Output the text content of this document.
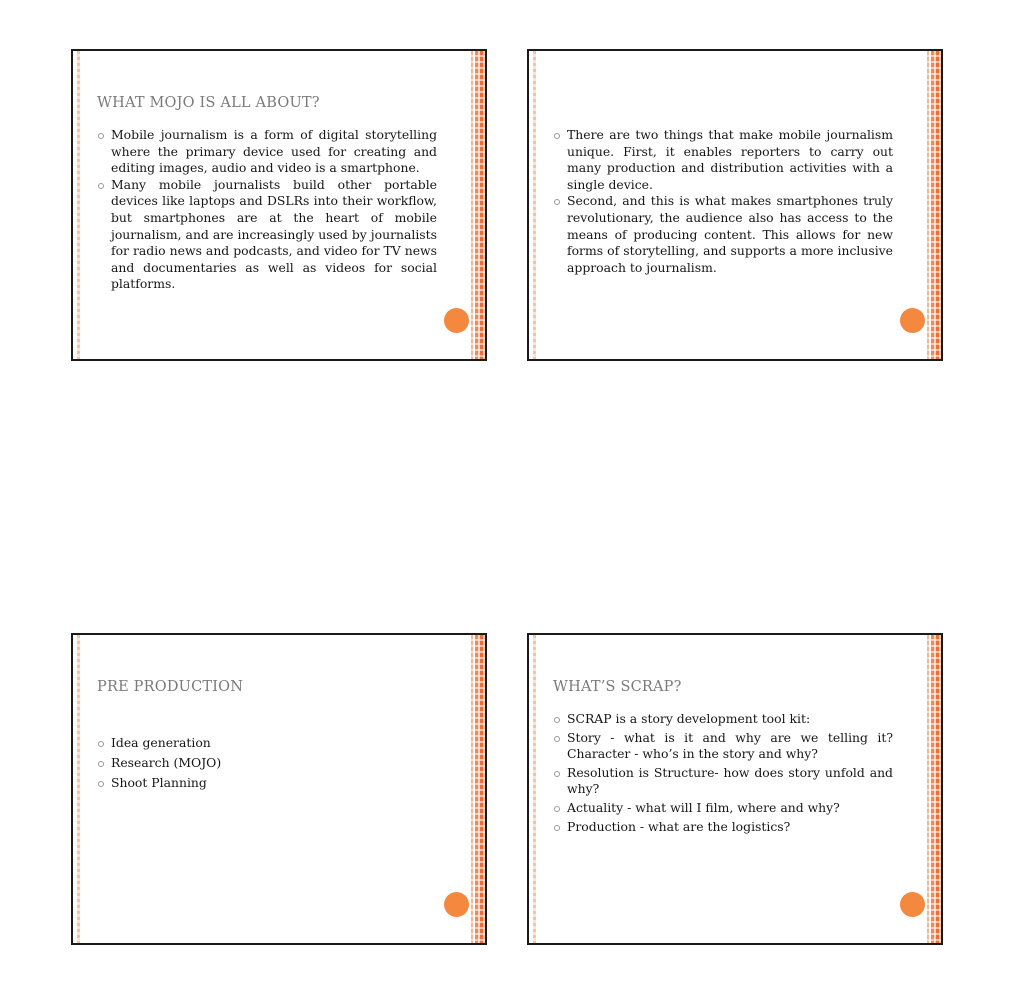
WHAT MOJO IS ALL ABOUT?
Mobile journalism is a form of digital storytelling where the primary device used for creating and editing images, audio and video is a smartphone.
Many mobile journalists build other portable devices like laptops and DSLRs into their workflow, but smartphones are at the heart of mobile journalism, and are increasingly used by journalists for radio news and podcasts, and video for TV news and documentaries as well as videos for social platforms.
There are two things that make mobile journalism unique. First, it enables reporters to carry out many production and distribution activities with a single device.
Second, and this is what makes smartphones truly revolutionary, the audience also has access to the means of producing content. This allows for new forms of storytelling, and supports a more inclusive approach to journalism.
PRE PRODUCTION
Idea generation
Research (MOJO)
Shoot Planning
WHAT’S SCRAP?
SCRAP is a story development tool kit:
Story - what is it and why are we telling it? Character - who’s in the story and why?
Resolution is Structure- how does story unfold and why?
Actuality - what will I film, where and why?
Production - what are the logistics?
